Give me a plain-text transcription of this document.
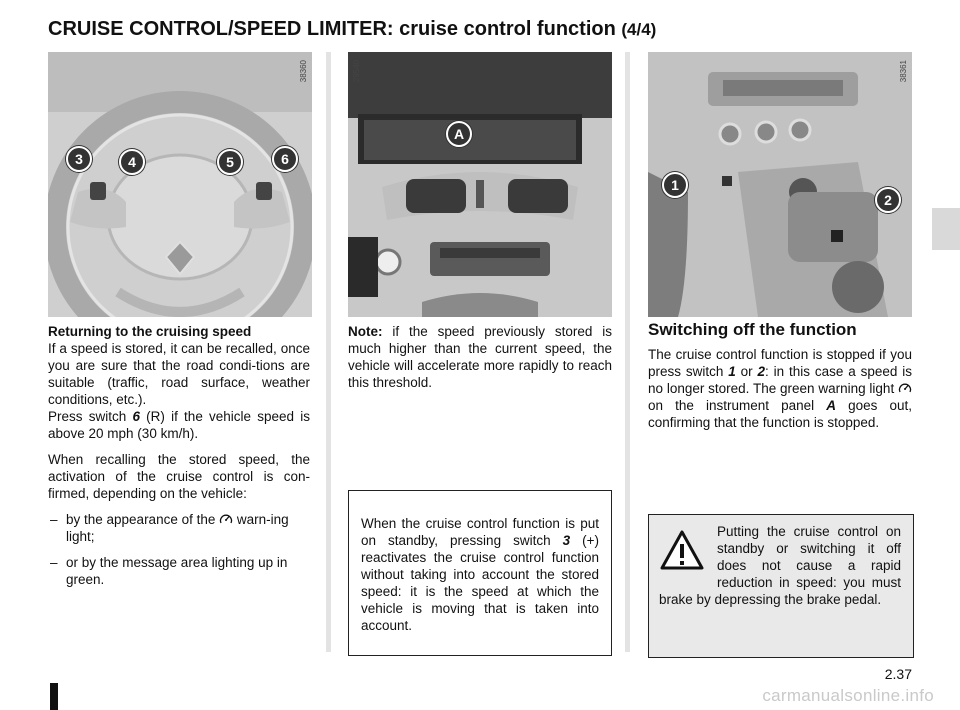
CRUISE CONTROL/SPEED LIMITER: cruise control function (4/4)
38360
3	4	5	6
29540
A
38361
1
2

Returning to the cruising speed
If a speed is stored, it can be recalled, once you are sure that the road condi-tions are suitable (traffic, road surface, weather conditions, etc.).
Press switch 6 (R) if the vehicle speed is above 20 mph (30 km/h).

When recalling the stored speed, the activation of the cruise control is con-firmed, depending on the vehicle:

– by the appearance of the  warn-ing light;
– or by the message area lighting up in green.

Note: if the speed previously stored is much higher than the current speed, the vehicle will accelerate more rapidly to reach this threshold.

When the cruise control function is put on standby, pressing switch 3 (+) reactivates the cruise control function without taking into account the stored speed: it is the speed at which the vehicle is moving that is taken into account.
Switching off the function

The cruise control function is stopped if you press switch 1 or 2: in this case a speed is no longer stored. The green warning light  on the instrument panel A goes out, confirming that the function is stopped.

Putting the cruise control on standby or switching it off does not cause a rapid reduction in speed: you must brake by depressing the brake pedal.
2.37
carmanualsonline.info
